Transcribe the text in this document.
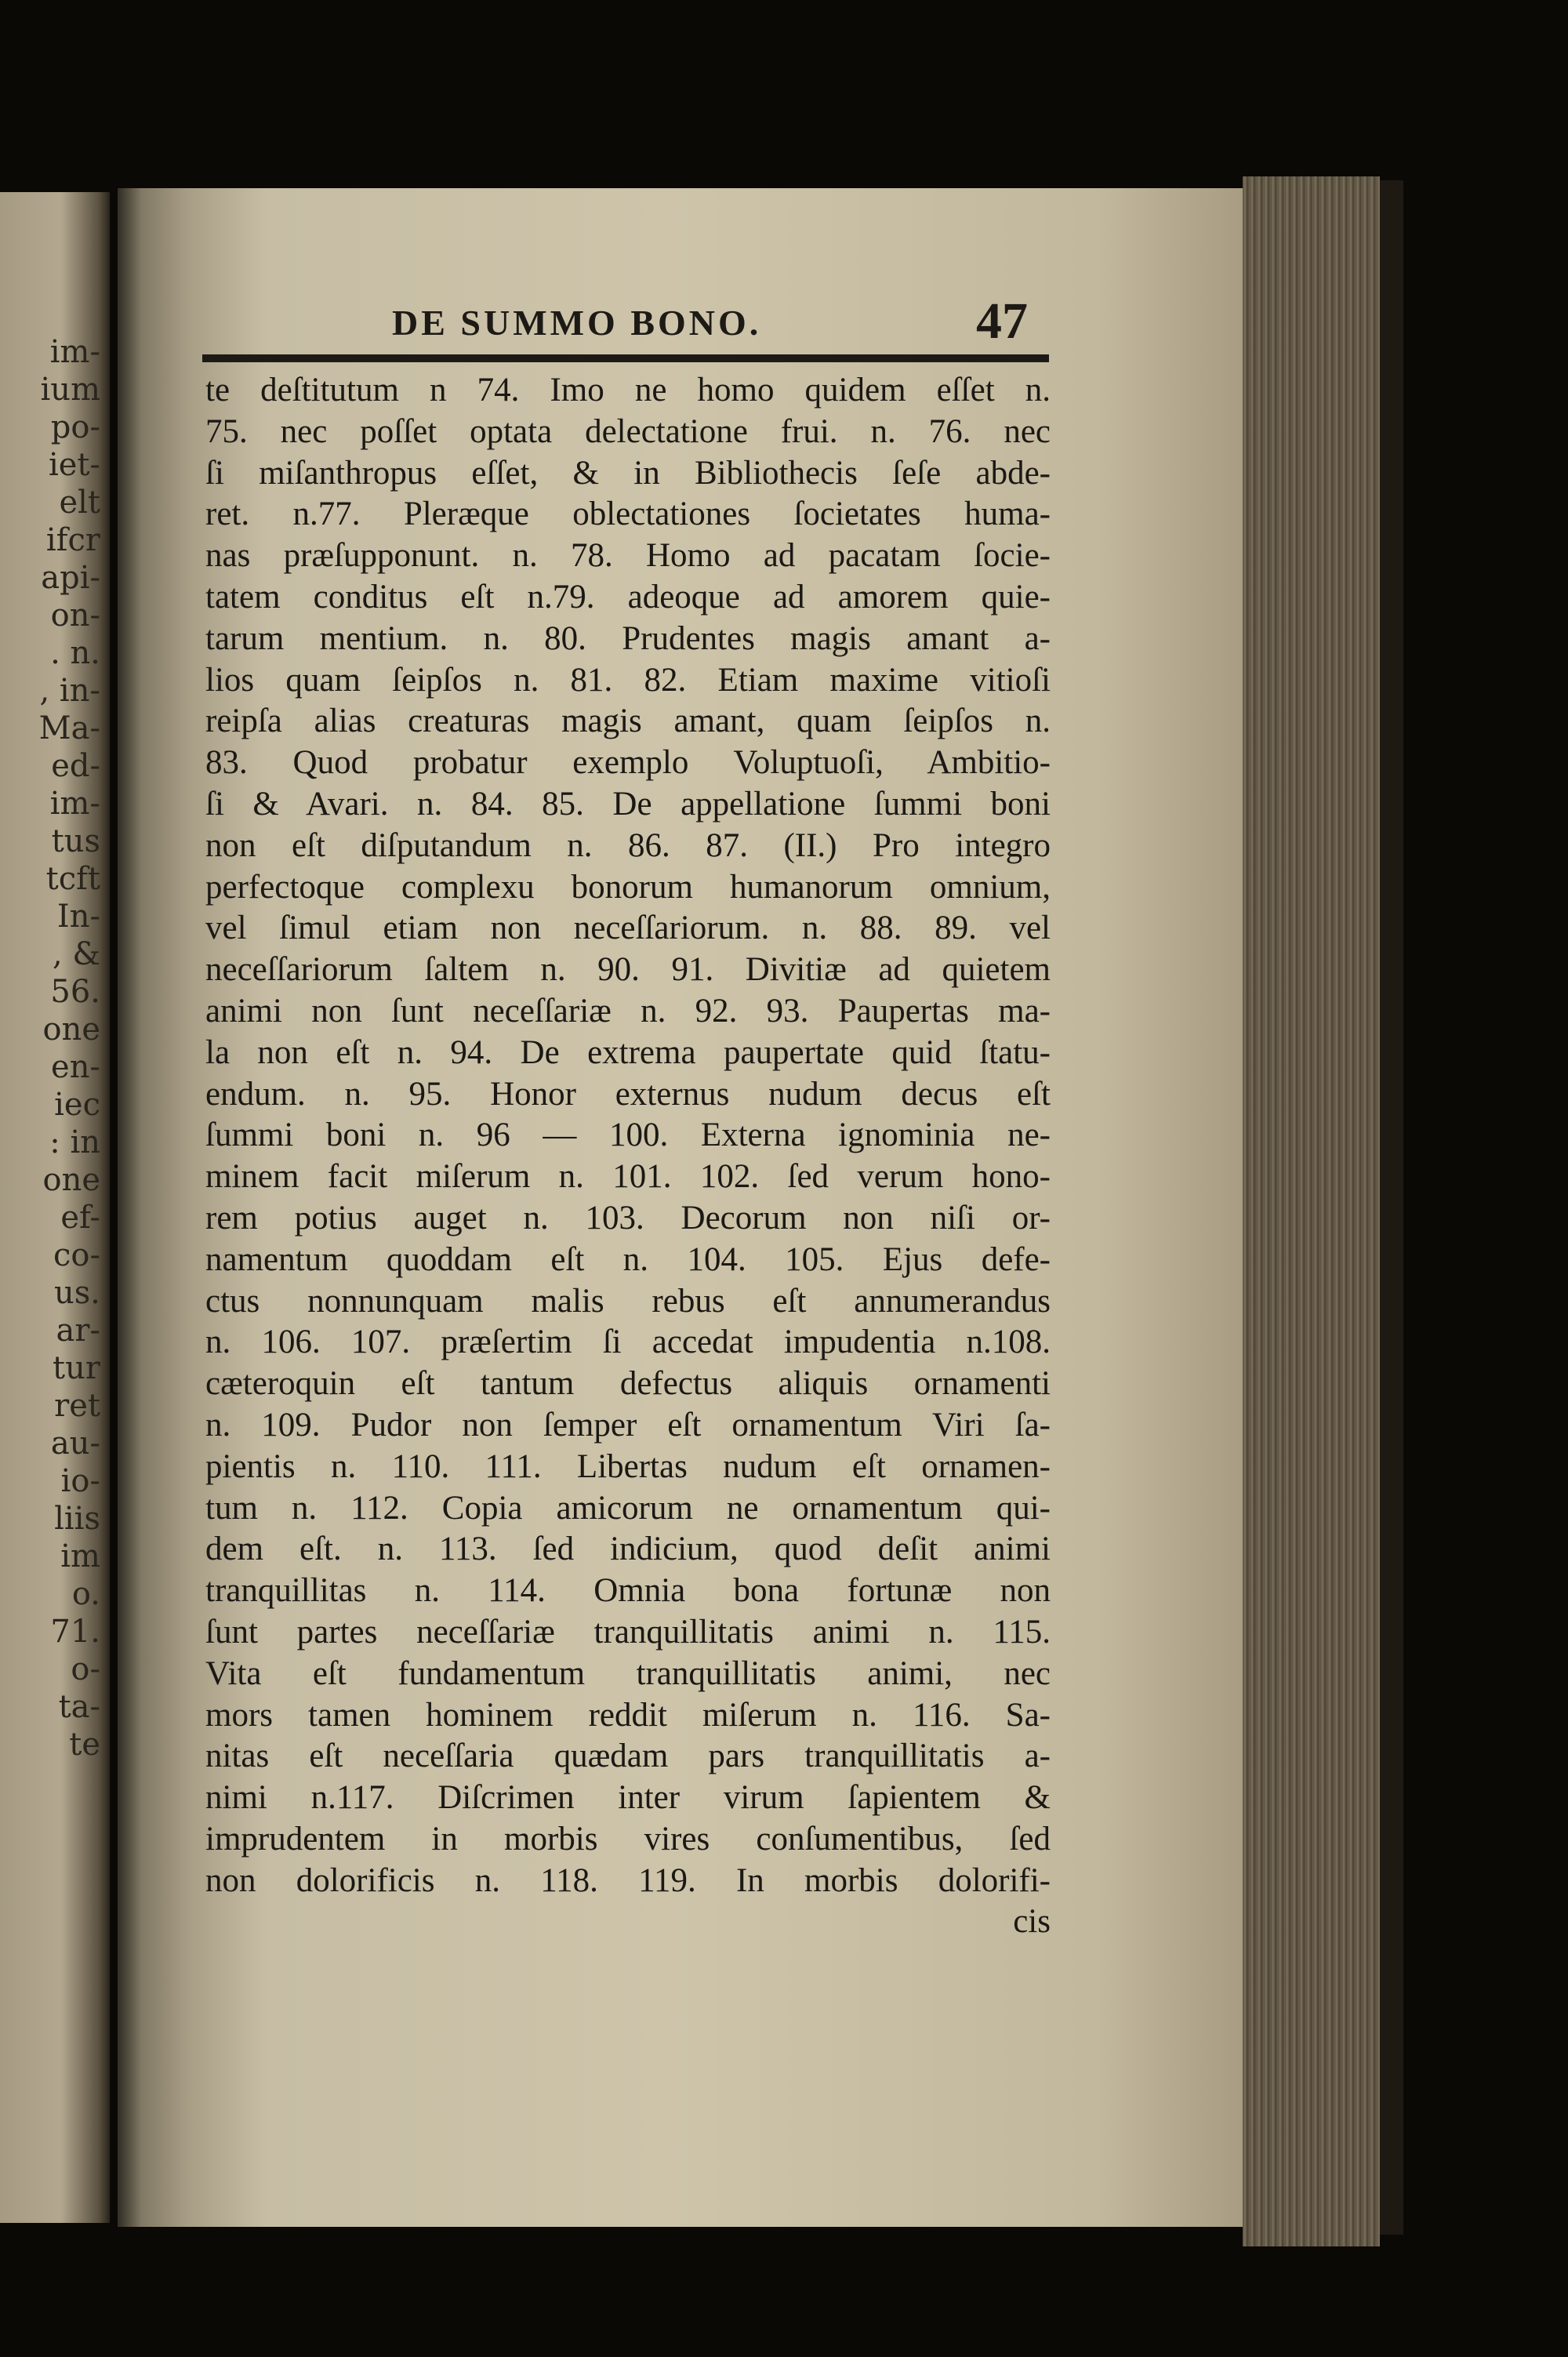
im-
ium
po-
iet-
elt
ifcr
api-
on-
. n.
, in-
Ma-
ed-
im-
tus
tcft
In-
, &
56.
one
en-
iec
: in
one
ef-
co-
us.
ar-
tur
ret
au-
io-
liis
im
o.
71.
o-
ta-
te
DE SUMMO BONO.	47
te deſtitutum n 74. Imo ne homo quidem eſſet n.
75. nec poſſet optata delectatione frui. n. 76. nec
ſi miſanthropus eſſet, & in Bibliothecis ſeſe abde-
ret. n.77. Pleræque oblectationes ſocietates huma-
nas præſupponunt. n. 78. Homo ad pacatam ſocie-
tatem conditus eſt n.79. adeoque ad amorem quie-
tarum mentium. n. 80. Prudentes magis amant a-
lios quam ſeipſos n. 81. 82. Etiam maxime vitioſi
reipſa alias creaturas magis amant, quam ſeipſos n.
83. Quod probatur exemplo Voluptuoſi, Ambitio-
ſi & Avari. n. 84. 85. De appellatione ſummi boni
non eſt diſputandum n. 86. 87. (II.) Pro integro
perfectoque complexu bonorum humanorum omnium,
vel ſimul etiam non neceſſariorum. n. 88. 89. vel
neceſſariorum ſaltem n. 90. 91. Divitiæ ad quietem
animi non ſunt neceſſariæ n. 92. 93. Paupertas ma-
la non eſt n. 94. De extrema paupertate quid ſtatu-
endum. n. 95. Honor externus nudum decus eſt
ſummi boni n. 96 — 100. Externa ignominia ne-
minem facit miſerum n. 101. 102. ſed verum hono-
rem potius auget n. 103. Decorum non niſi or-
namentum quoddam eſt n. 104. 105. Ejus defe-
ctus nonnunquam malis rebus eſt annumerandus
n. 106. 107. præſertim ſi accedat impudentia n.108.
cæteroquin eſt tantum defectus aliquis ornamenti
n. 109. Pudor non ſemper eſt ornamentum Viri ſa-
pientis n. 110. 111. Libertas nudum eſt ornamen-
tum n. 112. Copia amicorum ne ornamentum qui-
dem eſt. n. 113. ſed indicium, quod deſit animi
tranquillitas n. 114. Omnia bona fortunæ non
ſunt partes neceſſariæ tranquillitatis animi n. 115.
Vita eſt fundamentum tranquillitatis animi, nec
mors tamen hominem reddit miſerum n. 116. Sa-
nitas eſt neceſſaria quædam pars tranquillitatis a-
nimi n.117. Diſcrimen inter virum ſapientem &
imprudentem in morbis vires conſumentibus, ſed
non dolorificis n. 118. 119. In morbis dolorifi-
cis
